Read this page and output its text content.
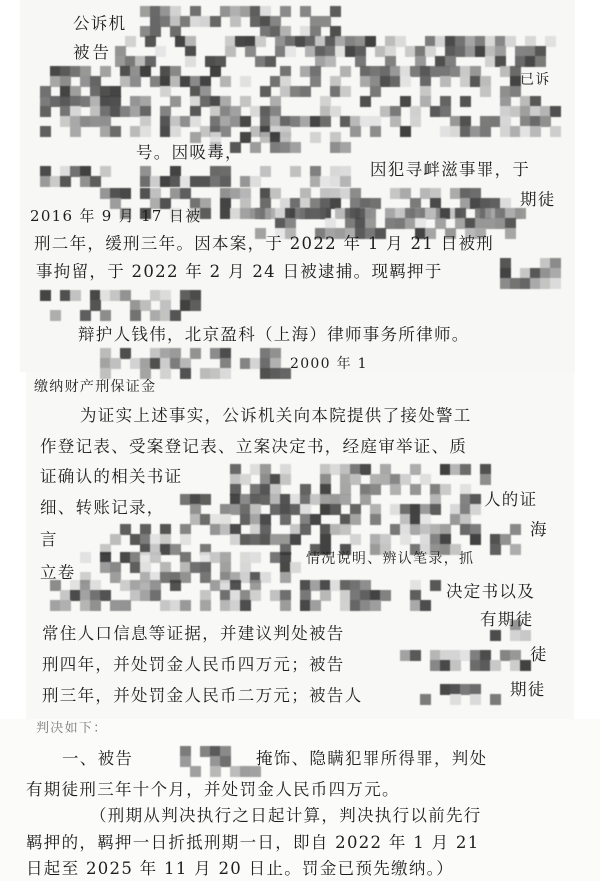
公诉机
被告
已诉
号。因吸毒，
因犯寻衅滋事罪，于
期徒
2016 年 9 月 17 日被
刑二年，缓刑三年。因本案，于 2022 年 1 月 21 日被刑
事拘留，于 2022 年 2 月 24 日被逮捕。现羁押于
辩护人钱伟，北京盈科（上海）律师事务所律师。
2000 年 1
缴纳财产刑保证金
为证实上述事实，公诉机关向本院提供了接处警工
作登记表、受案登记表、立案决定书，经庭审举证、质
证确认的相关书证
人的证
细、转账记录，
海
言
立卷
情况说明、辨认笔录，抓
决定书以及
常住人口信息等证据，并建议判处被告
有期徒
刑四年，并处罚金人民币四万元；被告
徒
刑三年，并处罚金人民币二万元；被告人	期徒
判决如下：
一、被告	掩饰、隐瞒犯罪所得罪，判处
有期徒刑三年十个月，并处罚金人民币四万元。
（刑期从判决执行之日起计算，判决执行以前先行
羁押的，羁押一日折抵刑期一日，即自 2022 年 1 月 21
日起至 2025 年 11 月 20 日止。罚金已预先缴纳。）
